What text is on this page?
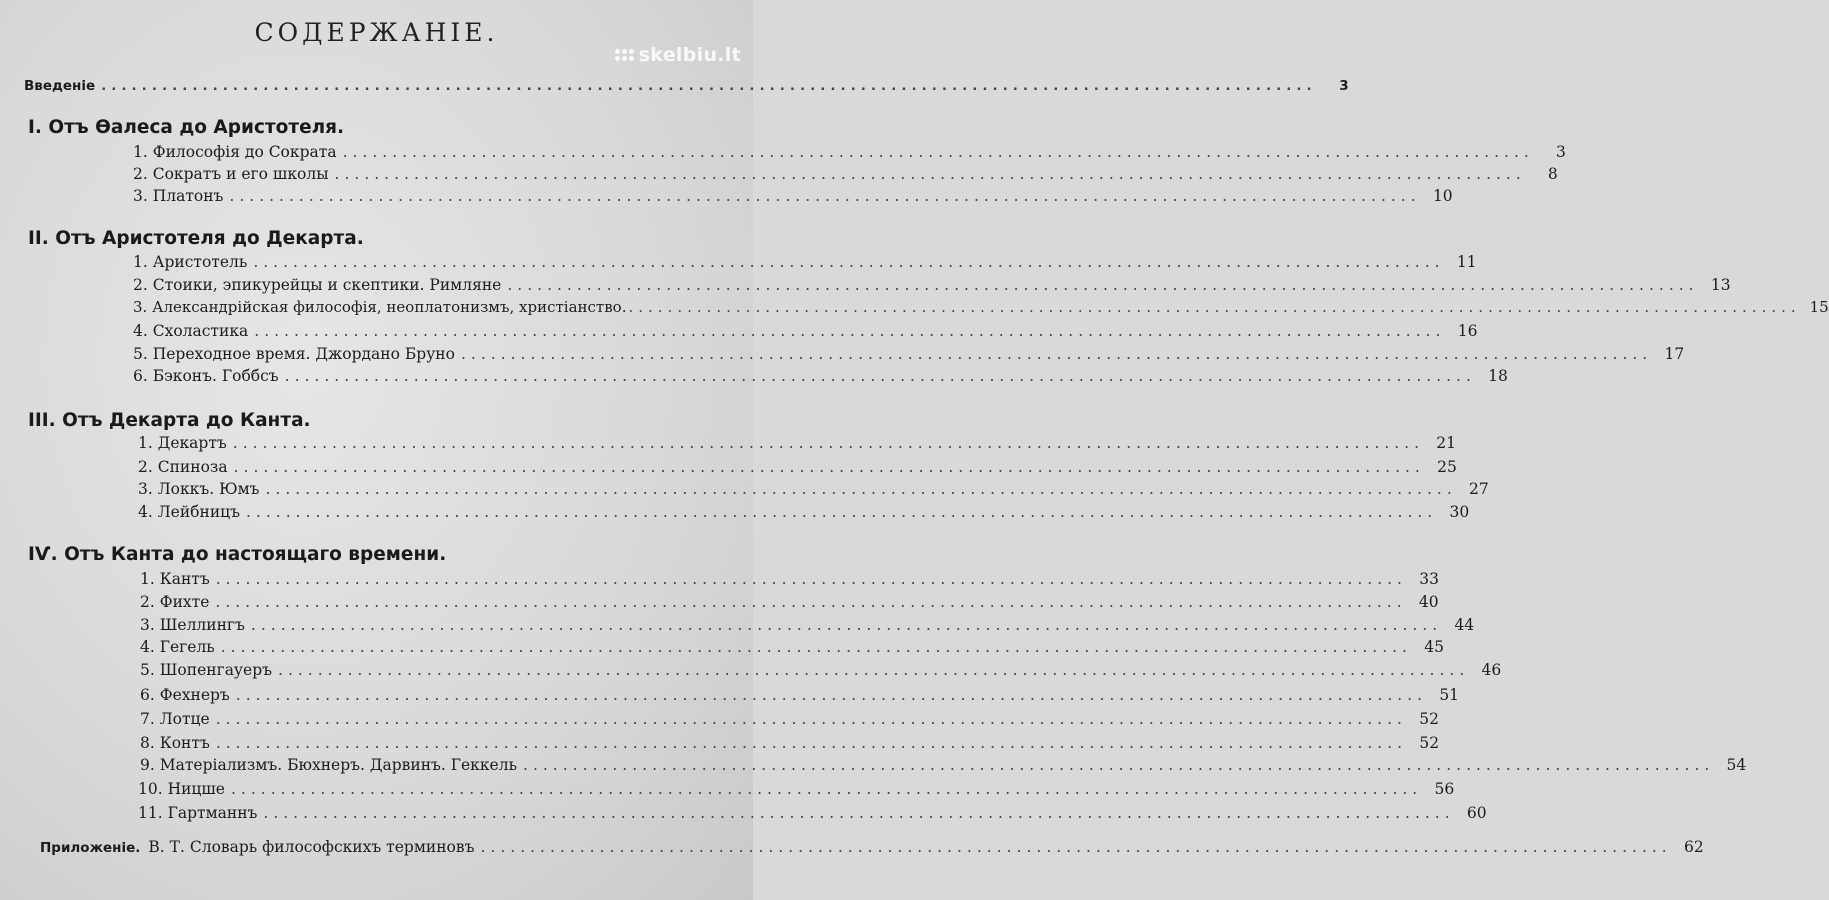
skelbiu.lt
СОДЕРЖАНІЕ.
Введеніе ........................................................................................................................	3
I. Отъ Ѳалеса до Аристотеля.
1. Философія до Сократа ........................................................................................................................	3
2. Сократъ и его школы ........................................................................................................................	8
3. Платонъ ........................................................................................................................ 10
II. Отъ Аристотеля до Декарта.
1. Аристотель ........................................................................................................................ 11
2. Стоики, эпикурейцы и скептики. Римляне ........................................................................................................................ 13
3. Александрійская философія, неоплатонизмъ, христіанство. ........................................................................................................................ 15
4. Схоластика ........................................................................................................................ 16
5. Переходное время. Джордано Бруно ........................................................................................................................ 17
6. Бэконъ. Гоббсъ ........................................................................................................................ 18
III. Отъ Декарта до Канта.
1. Декартъ ........................................................................................................................ 21
2. Спиноза ........................................................................................................................ 25
3. Локкъ. Юмъ ........................................................................................................................ 27
4. Лейбницъ ........................................................................................................................ 30
IѴ. Отъ Канта до настоящаго времени.
1. Кантъ ........................................................................................................................ 33
2. Фихте ........................................................................................................................ 40
3. Шеллингъ ........................................................................................................................ 44
4. Гегель ........................................................................................................................ 45
5. Шопенгауеръ ........................................................................................................................ 46
6. Фехнеръ ........................................................................................................................ 51
7. Лотце ........................................................................................................................ 52
8. Контъ ........................................................................................................................ 52
9. Матеріализмъ. Бюхнеръ. Дарвинъ. Геккель ........................................................................................................................ 54
10. Ницше ........................................................................................................................ 56
11. Гартманнъ ........................................................................................................................ 60
Приложеніе. В. Т. Словарь философскихъ терминовъ ........................................................................................................................ 62
